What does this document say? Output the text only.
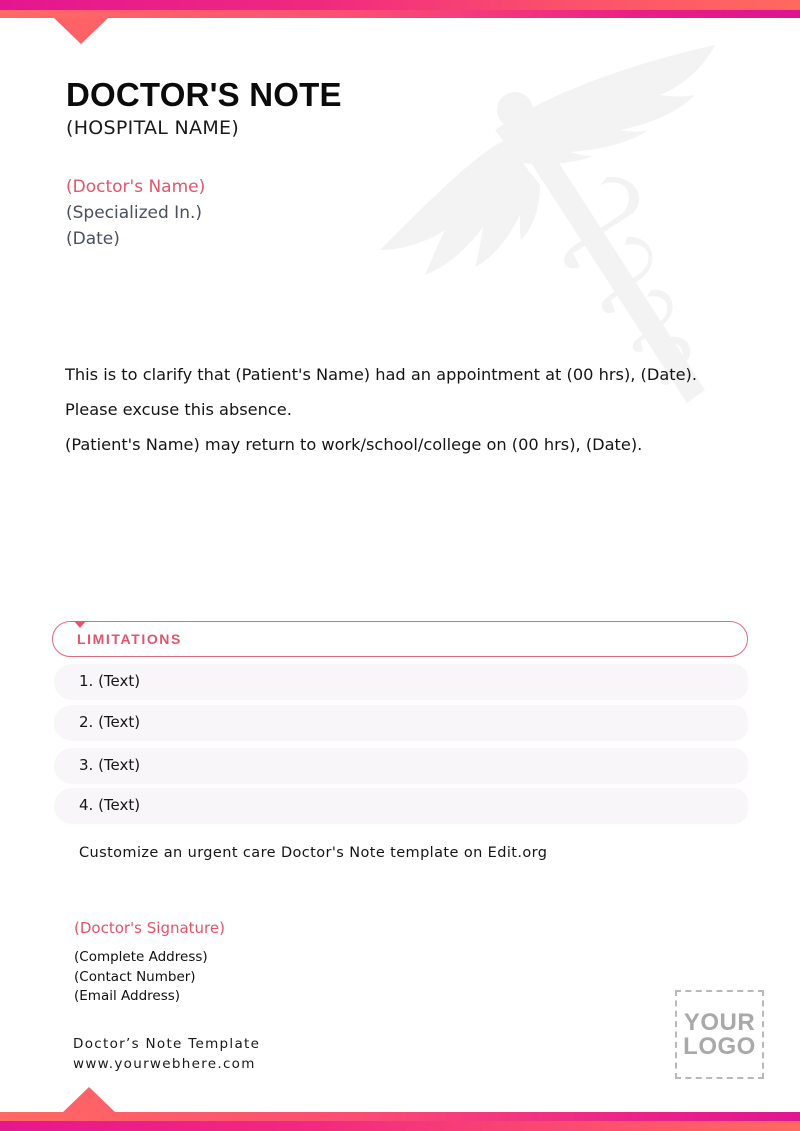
DOCTOR'S NOTE
(HOSPITAL NAME)
(Doctor's Name)
(Specialized In.)
(Date)
This is to clarify that (Patient's Name) had an appointment at (00 hrs), (Date).
Please excuse this absence.
(Patient's Name) may return to work/school/college on (00 hrs), (Date).
LIMITATIONS
1. (Text)
2. (Text)
3. (Text)
4. (Text)
Customize an urgent care Doctor's Note template on Edit.org
(Doctor's Signature)
(Complete Address)
(Contact Number)
(Email Address)
Doctor’s Note Template
www.yourwebhere.com
YOUR
LOGO
